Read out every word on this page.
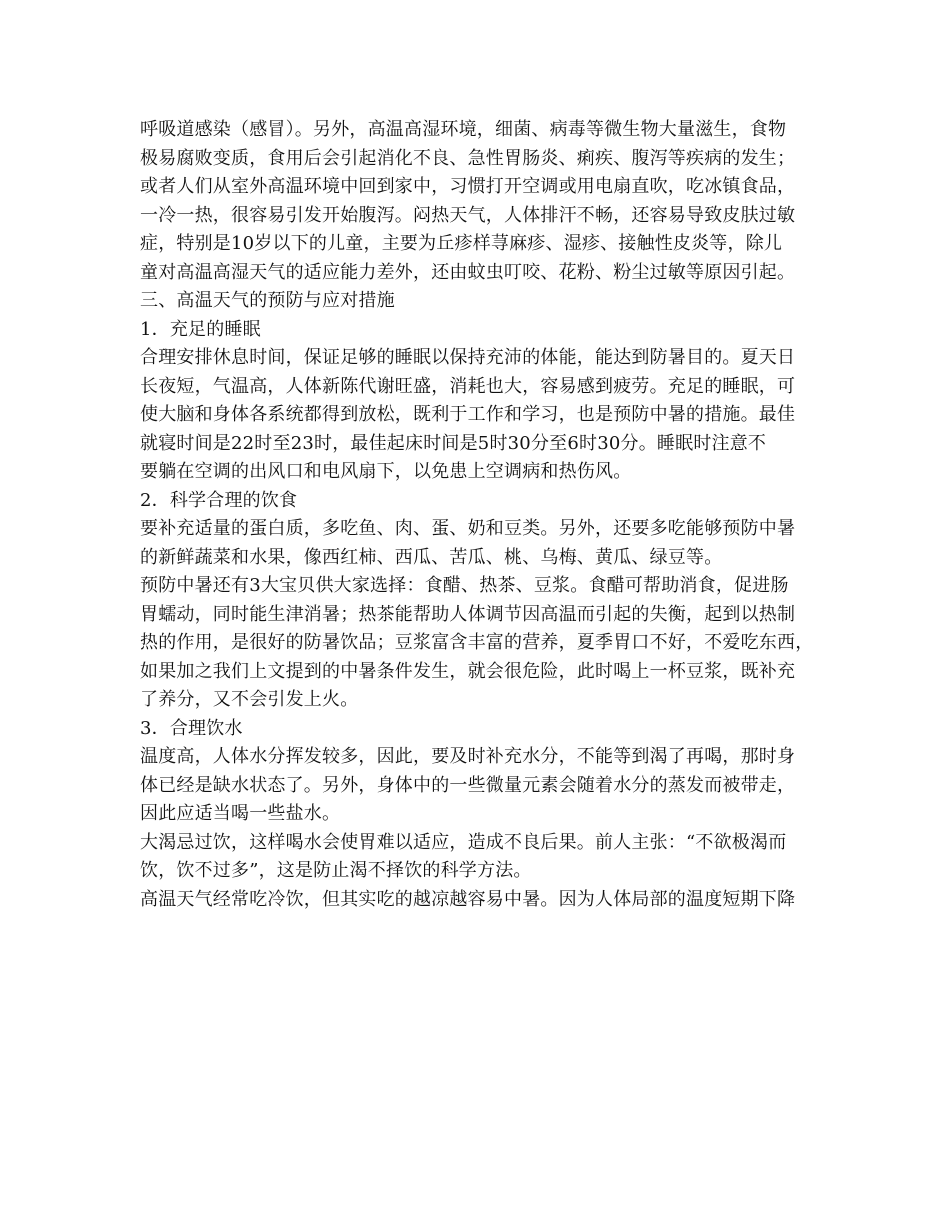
呼吸道感染（感冒）。另外，高温高湿环境，细菌、病毒等微生物大量滋生，食物
极易腐败变质，食用后会引起消化不良、急性胃肠炎、痢疾、腹泻等疾病的发生；
或者人们从室外高温环境中回到家中，习惯打开空调或用电扇直吹，吃冰镇食品，
一冷一热，很容易引发开始腹泻。闷热天气，人体排汗不畅，还容易导致皮肤过敏
症，特别是10岁以下的儿童，主要为丘疹样荨麻疹、湿疹、接触性皮炎等，除儿
童对高温高湿天气的适应能力差外，还由蚊虫叮咬、花粉、粉尘过敏等原因引起。
三、高温天气的预防与应对措施
1．充足的睡眠
合理安排休息时间，保证足够的睡眠以保持充沛的体能，能达到防暑目的。夏天日
长夜短，气温高，人体新陈代谢旺盛，消耗也大，容易感到疲劳。充足的睡眠，可
使大脑和身体各系统都得到放松，既利于工作和学习，也是预防中暑的措施。最佳
就寝时间是22时至23时，最佳起床时间是5时30分至6时30分。睡眠时注意不
要躺在空调的出风口和电风扇下，以免患上空调病和热伤风。
2．科学合理的饮食
要补充适量的蛋白质，多吃鱼、肉、蛋、奶和豆类。另外，还要多吃能够预防中暑
的新鲜蔬菜和水果，像西红柿、西瓜、苦瓜、桃、乌梅、黄瓜、绿豆等。
预防中暑还有3大宝贝供大家选择：食醋、热茶、豆浆。食醋可帮助消食，促进肠
胃蠕动，同时能生津消暑；热茶能帮助人体调节因高温而引起的失衡，起到以热制
热的作用，是很好的防暑饮品；豆浆富含丰富的营养，夏季胃口不好，不爱吃东西，
如果加之我们上文提到的中暑条件发生，就会很危险，此时喝上一杯豆浆，既补充
了养分，又不会引发上火。
3．合理饮水
温度高，人体水分挥发较多，因此，要及时补充水分，不能等到渴了再喝，那时身
体已经是缺水状态了。另外，身体中的一些微量元素会随着水分的蒸发而被带走，
因此应适当喝一些盐水。
大渴忌过饮，这样喝水会使胃难以适应，造成不良后果。前人主张：“不欲极渴而
饮，饮不过多”，这是防止渴不择饮的科学方法。
高温天气经常吃冷饮，但其实吃的越凉越容易中暑。因为人体局部的温度短期下降
